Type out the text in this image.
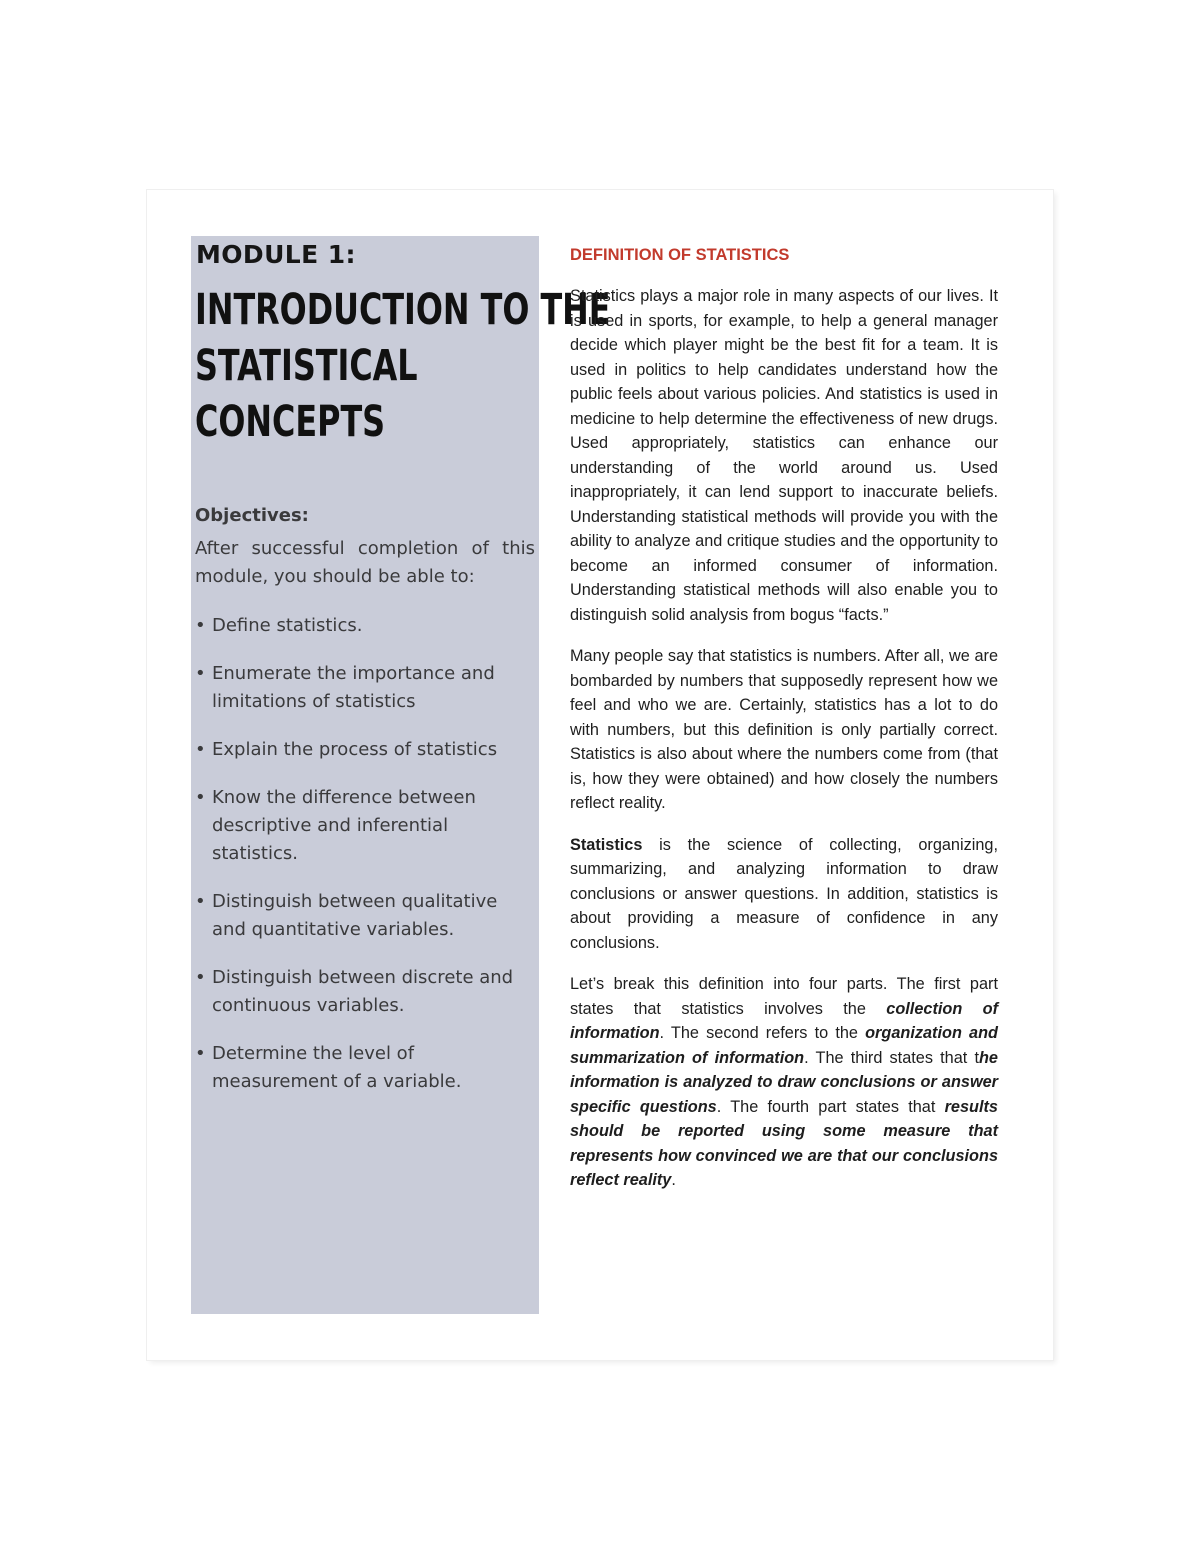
MODULE 1:
INTRODUCTION TO THE
STATISTICAL
CONCEPTS
Objectives:

After successful completion of this module, you should be able to:

• Define statistics.
• Enumerate the importance and limitations of statistics
• Explain the process of statistics
• Know the difference between descriptive and inferential statistics.
• Distinguish between qualitative and quantitative variables.
• Distinguish between discrete and continuous variables.
• Determine the level of measurement of a variable.
DEFINITION OF STATISTICS

Statistics plays a major role in many aspects of our lives. It is used in sports, for example, to help a general manager decide which player might be the best fit for a team. It is used in politics to help candidates understand how the public feels about various policies. And statistics is used in medicine to help determine the effectiveness of new drugs. Used appropriately, statistics can enhance our understanding of the world around us. Used inappropriately, it can lend support to inaccurate beliefs. Understanding statistical methods will provide you with the ability to analyze and critique studies and the opportunity to become an informed consumer of information. Understanding statistical methods will also enable you to distinguish solid analysis from bogus “facts.”

Many people say that statistics is numbers. After all, we are bombarded by numbers that supposedly represent how we feel and who we are. Certainly, statistics has a lot to do with numbers, but this definition is only partially correct. Statistics is also about where the numbers come from (that is, how they were obtained) and how closely the numbers reflect reality.

Statistics is the science of collecting, organizing, summarizing, and analyzing information to draw conclusions or answer questions. In addition, statistics is about providing a measure of confidence in any conclusions.

Let’s break this definition into four parts. The first part states that statistics involves the collection of information. The second refers to the organization and summarization of information. The third states that the information is analyzed to draw conclusions or answer specific questions. The fourth part states that results should be reported using some measure that represents how convinced we are that our conclusions reflect reality.
